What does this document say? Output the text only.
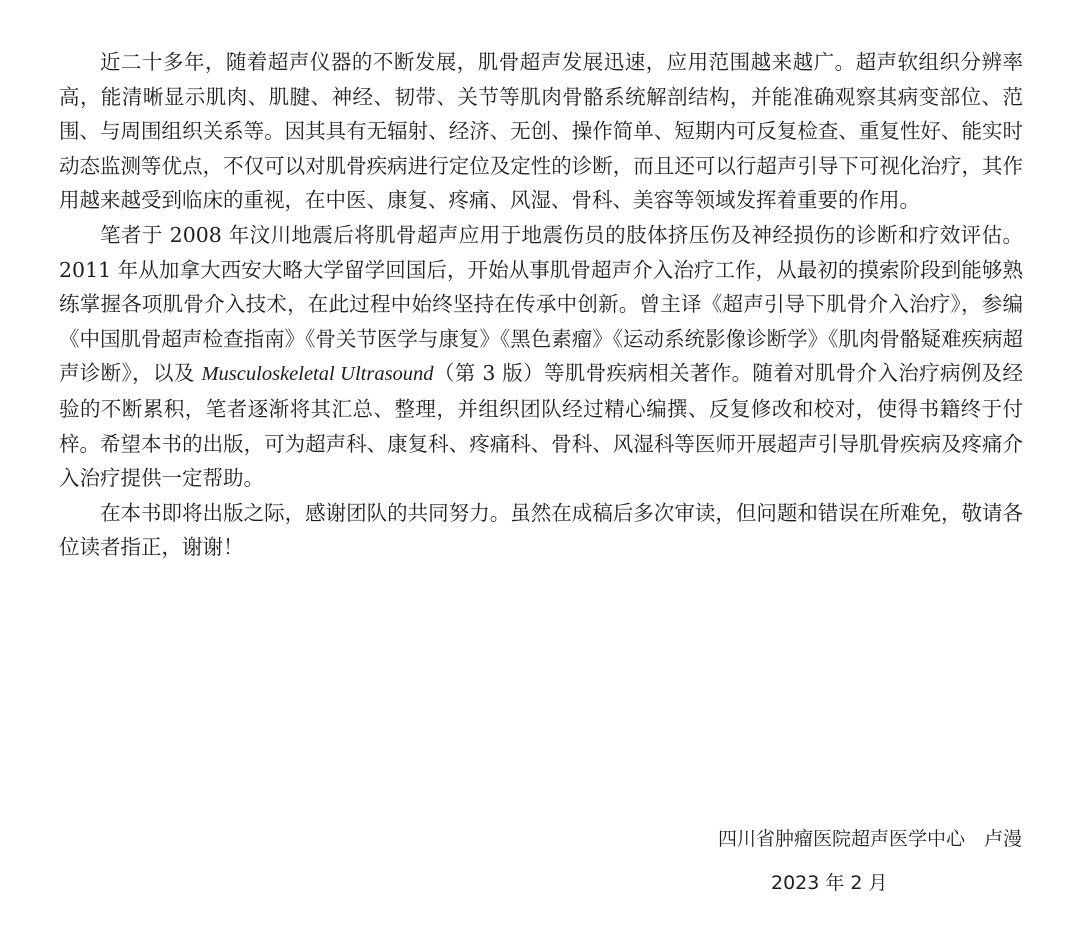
近二十多年，随着超声仪器的不断发展，肌骨超声发展迅速，应用范围越来越广。超声软组织分辨率高，能清晰显示肌肉、肌腱、神经、韧带、关节等肌肉骨骼系统解剖结构，并能准确观察其病变部位、范围、与周围组织关系等。因其具有无辐射、经济、无创、操作简单、短期内可反复检查、重复性好、能实时动态监测等优点，不仅可以对肌骨疾病进行定位及定性的诊断，而且还可以行超声引导下可视化治疗，其作用越来越受到临床的重视，在中医、康复、疼痛、风湿、骨科、美容等领域发挥着重要的作用。

笔者于 2008 年汶川地震后将肌骨超声应用于地震伤员的肢体挤压伤及神经损伤的诊断和疗效评估。2011 年从加拿大西安大略大学留学回国后，开始从事肌骨超声介入治疗工作，从最初的摸索阶段到能够熟练掌握各项肌骨介入技术，在此过程中始终坚持在传承中创新。曾主译《超声引导下肌骨介入治疗》，参编《中国肌骨超声检查指南》《骨关节医学与康复》《黑色素瘤》《运动系统影像诊断学》《肌肉骨骼疑难疾病超声诊断》，以及 Musculoskeletal Ultrasound（第 3 版）等肌骨疾病相关著作。随着对肌骨介入治疗病例及经验的不断累积，笔者逐渐将其汇总、整理，并组织团队经过精心编撰、反复修改和校对，使得书籍终于付梓。希望本书的出版，可为超声科、康复科、疼痛科、骨科、风湿科等医师开展超声引导肌骨疾病及疼痛介入治疗提供一定帮助。

在本书即将出版之际，感谢团队的共同努力。虽然在成稿后多次审读，但问题和错误在所难免，敬请各位读者指正，谢谢！

四川省肿瘤医院超声医学中心　卢漫
2023 年 2 月
